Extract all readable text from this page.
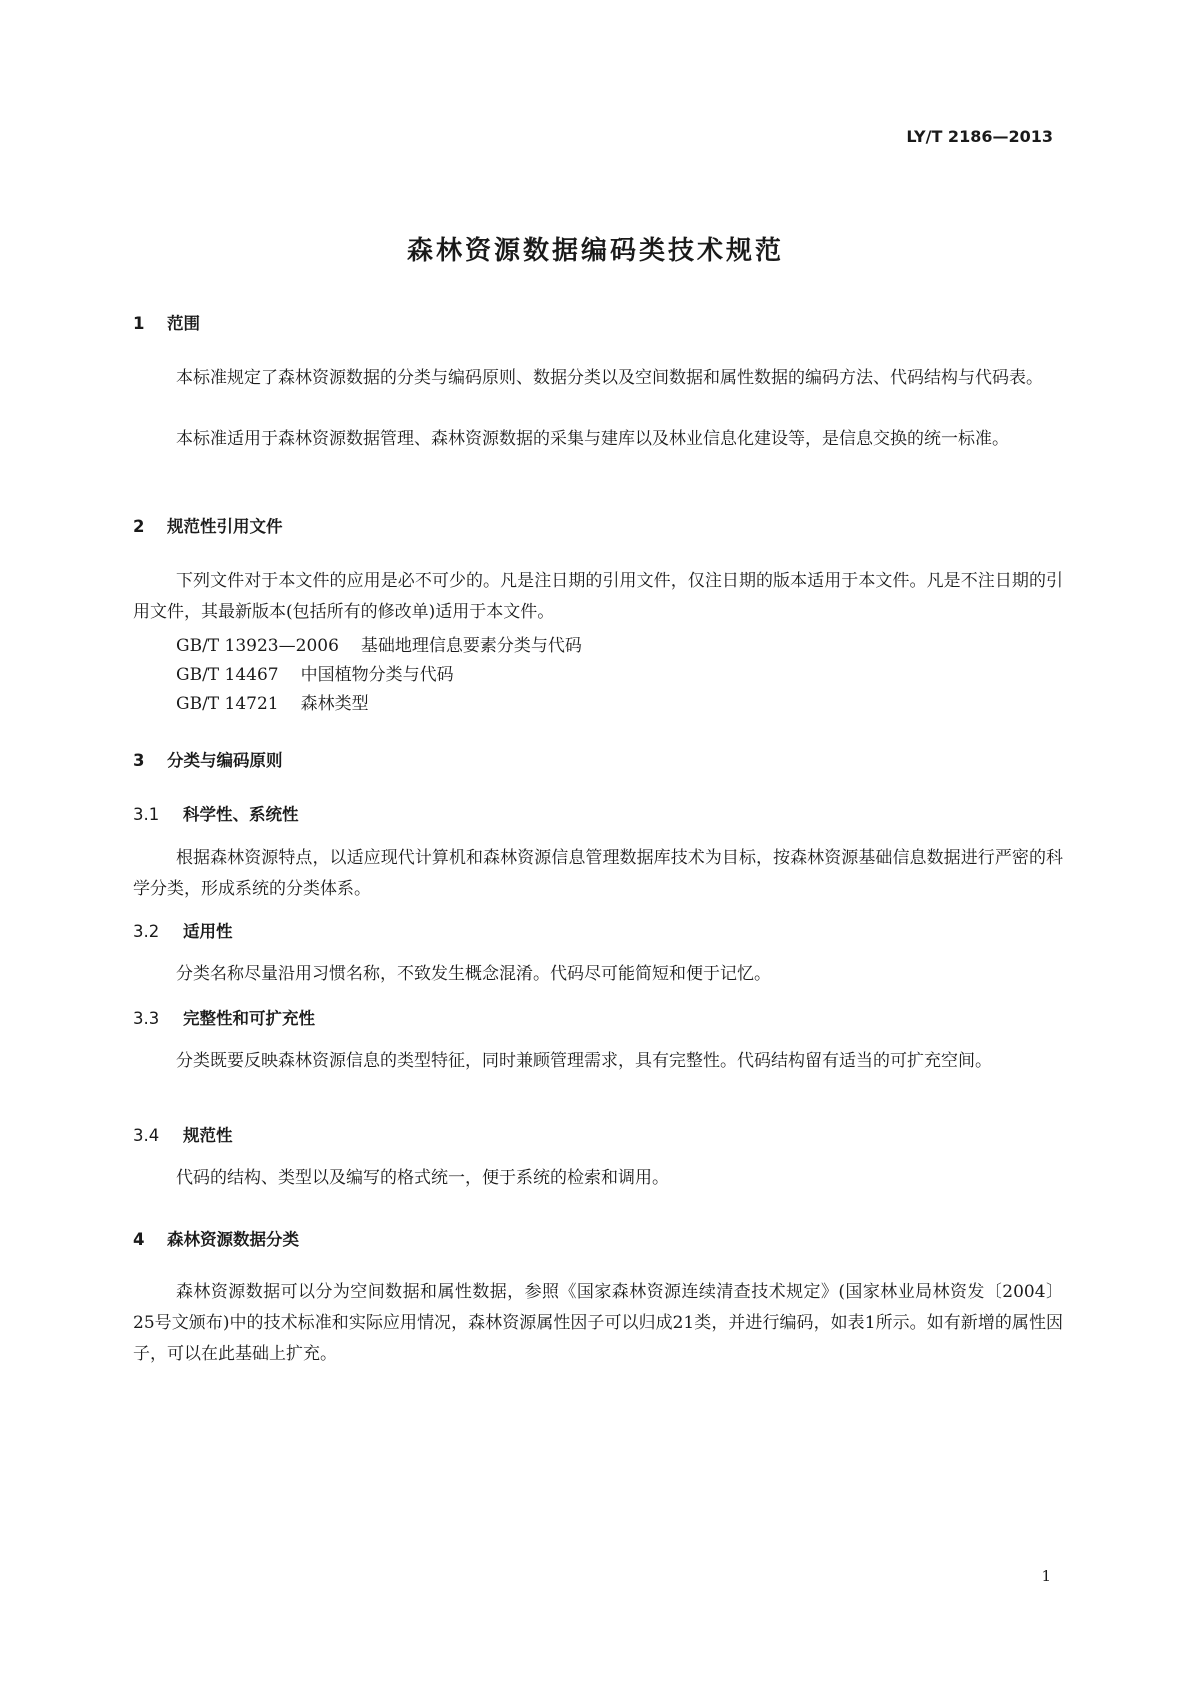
LY/T 2186—2013
森林资源数据编码类技术规范
1 范围
本标准规定了森林资源数据的分类与编码原则、数据分类以及空间数据和属性数据的编码方法、代码结构与代码表。
本标准适用于森林资源数据管理、森林资源数据的采集与建库以及林业信息化建设等，是信息交换的统一标准。
2 规范性引用文件
下列文件对于本文件的应用是必不可少的。凡是注日期的引用文件，仅注日期的版本适用于本文件。凡是不注日期的引用文件，其最新版本(包括所有的修改单)适用于本文件。
GB/T 13923—2006 基础地理信息要素分类与代码
GB/T 14467 中国植物分类与代码
GB/T 14721 森林类型
3 分类与编码原则
3.1 科学性、系统性
根据森林资源特点，以适应现代计算机和森林资源信息管理数据库技术为目标，按森林资源基础信息数据进行严密的科学分类，形成系统的分类体系。
3.2 适用性
分类名称尽量沿用习惯名称，不致发生概念混淆。代码尽可能简短和便于记忆。
3.3 完整性和可扩充性
分类既要反映森林资源信息的类型特征，同时兼顾管理需求，具有完整性。代码结构留有适当的可扩充空间。
3.4 规范性
代码的结构、类型以及编写的格式统一，便于系统的检索和调用。
4 森林资源数据分类
森林资源数据可以分为空间数据和属性数据，参照《国家森林资源连续清查技术规定》(国家林业局林资发〔2004〕25号文颁布)中的技术标准和实际应用情况，森林资源属性因子可以归成21类，并进行编码，如表1所示。如有新增的属性因子，可以在此基础上扩充。
1
